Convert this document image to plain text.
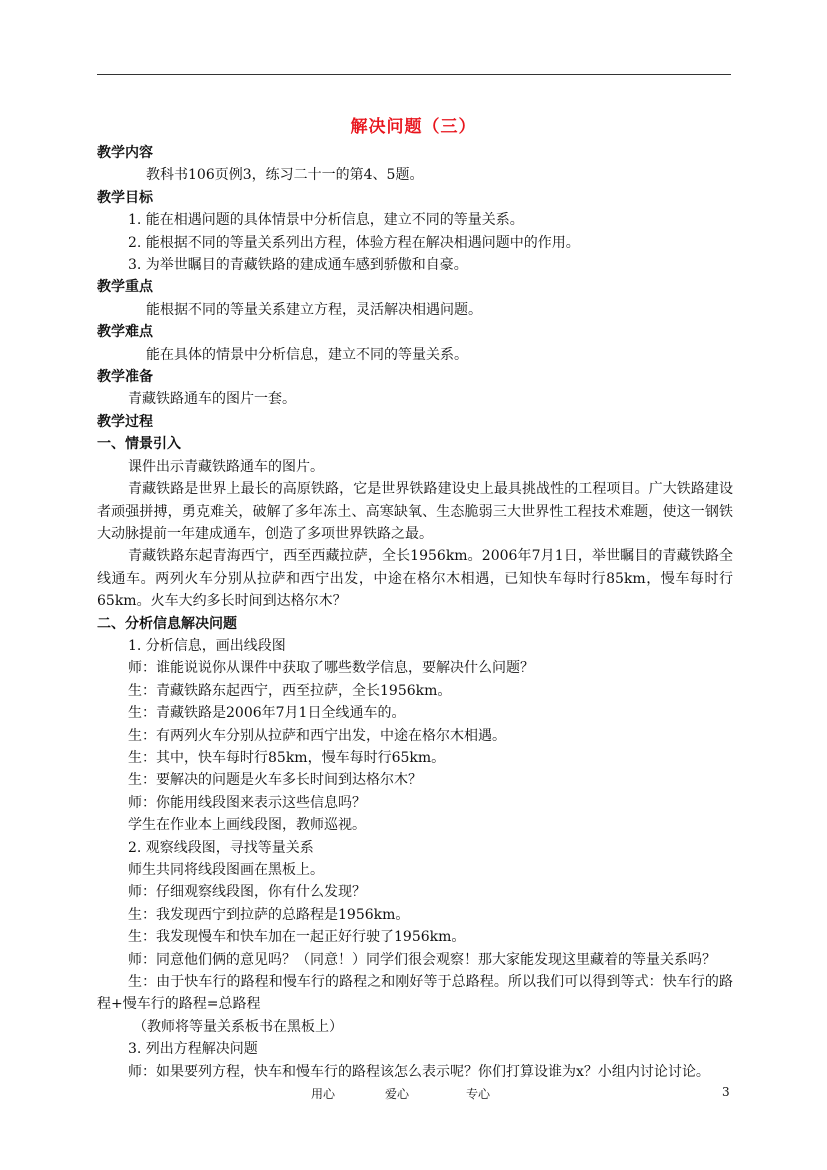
解决问题（三）
教学内容
教科书106页例3，练习二十一的第4、5题。
教学目标
1. 能在相遇问题的具体情景中分析信息，建立不同的等量关系。
2. 能根据不同的等量关系列出方程，体验方程在解决相遇问题中的作用。
3. 为举世瞩目的青藏铁路的建成通车感到骄傲和自豪。
教学重点
能根据不同的等量关系建立方程，灵活解决相遇问题。
教学难点
能在具体的情景中分析信息，建立不同的等量关系。
教学准备
青藏铁路通车的图片一套。
教学过程
一、情景引入
课件出示青藏铁路通车的图片。
青藏铁路是世界上最长的高原铁路，它是世界铁路建设史上最具挑战性的工程项目。广大铁路建设者顽强拼搏，勇克难关，破解了多年冻土、高寒缺氧、生态脆弱三大世界性工程技术难题，使这一钢铁大动脉提前一年建成通车，创造了多项世界铁路之最。
青藏铁路东起青海西宁，西至西藏拉萨，全长1956km。2006年7月1日，举世瞩目的青藏铁路全线通车。两列火车分别从拉萨和西宁出发，中途在格尔木相遇，已知快车每时行85km，慢车每时行65km。火车大约多长时间到达格尔木？
二、分析信息解决问题
1. 分析信息，画出线段图
师：谁能说说你从课件中获取了哪些数学信息，要解决什么问题？
生：青藏铁路东起西宁，西至拉萨，全长1956km。
生：青藏铁路是2006年7月1日全线通车的。
生：有两列火车分别从拉萨和西宁出发，中途在格尔木相遇。
生：其中，快车每时行85km，慢车每时行65km。
生：要解决的问题是火车多长时间到达格尔木？
师：你能用线段图来表示这些信息吗？
学生在作业本上画线段图，教师巡视。
2. 观察线段图，寻找等量关系
师生共同将线段图画在黑板上。
师：仔细观察线段图，你有什么发现？
生：我发现西宁到拉萨的总路程是1956km。
生：我发现慢车和快车加在一起正好行驶了1956km。
师：同意他们俩的意见吗？（同意！）同学们很会观察！那大家能发现这里藏着的等量关系吗？
生：由于快车行的路程和慢车行的路程之和刚好等于总路程。所以我们可以得到等式：快车行的路程+慢车行的路程=总路程
（教师将等量关系板书在黑板上）
3. 列出方程解决问题
师：如果要列方程，快车和慢车行的路程该怎么表示呢？你们打算设谁为x？小组内讨论讨论。
用心	爱心	专心	3
